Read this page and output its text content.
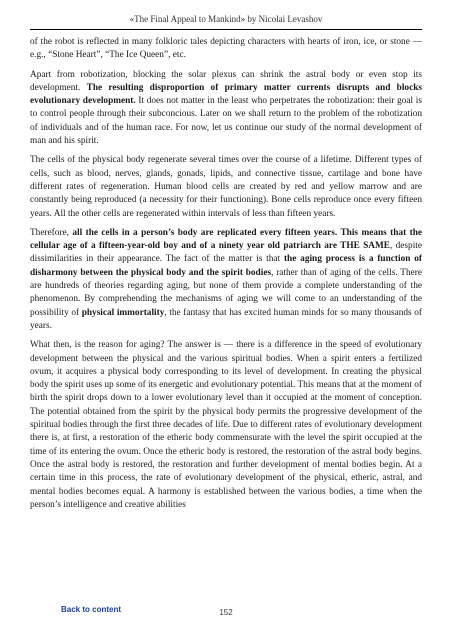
«The Final Appeal to Mankind» by Nicolai Levashov

of the robot is reflected in many folkloric tales depicting characters with hearts of iron, ice, or stone — e.g., “Stone Heart”, “The Ice Queen”, etc.

Apart from robotization, blocking the solar plexus can shrink the astral body or even stop its development. The resulting disproportion of primary matter currents disrupts and blocks evolutionary development. It does not matter in the least who perpetrates the robotization: their goal is to control people through their subconcious. Later on we shall return to the problem of the robotization of individuals and of the human race. For now, let us continue our study of the normal development of man and his spirit.

The cells of the physical body regenerate several times over the course of a lifetime. Different types of cells, such as blood, nerves, glands, gonads, lipids, and connective tissue, cartilage and bone have different rates of regeneration. Human blood cells are created by red and yellow marrow and are constantly being reproduced (a necessity for their functioning). Bone cells reproduce once every fifteen years. All the other cells are regenerated within intervals of less than fifteen years.

Therefore, all the cells in a person’s body are replicated every fifteen years. This means that the cellular age of a fifteen-year-old boy and of a ninety year old patriarch are THE SAME, despite dissimilarities in their appearance. The fact of the matter is that the aging process is a function of disharmony between the physical body and the spirit bodies, rather than of aging of the cells. There are hundreds of theories regarding aging, but none of them provide a complete understanding of the phenomenon. By comprehending the mechanisms of aging we will come to an understanding of the possibility of physical immortality, the fantasy that has excited human minds for so many thousands of years.

What then, is the reason for aging? The answer is — there is a difference in the speed of evolutionary development between the physical and the various spiritual bodies. When a spirit enters a fertilized ovum, it acquires a physical body corresponding to its level of development. In creating the physical body the spirit uses up some of its energetic and evolutionary potential. This means that at the moment of birth the spirit drops down to a lower evolutionary level than it occupied at the moment of conception. The potential obtained from the spirit by the physical body permits the progressive development of the spiritual bodies through the first three decades of life. Due to different rates of evolutionary development there is, at first, a restoration of the etheric body commensurate with the level the spirit occupied at the time of its entering the ovum. Once the etheric body is restored, the restoration of the astral body begins. Once the astral body is restored, the restoration and further development of mental bodies begin. At a certain time in this process, the rate of evolutionary development of the physical, etheric, astral, and mental bodies becomes equal. A harmony is established between the various bodies, a time when the person’s intelligence and creative abilities

Back to content	152
